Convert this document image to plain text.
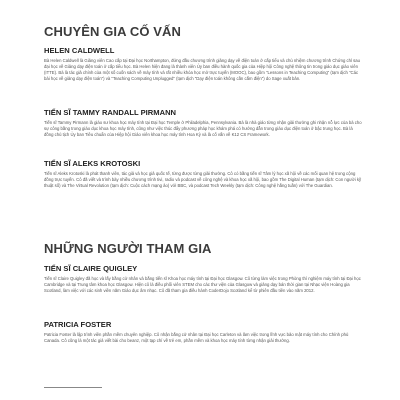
CHUYÊN GIA CỐ VẤN
HELEN CALDWELL

Bà Helen Caldwell là Giảng viên Cao cấp tại Đại học Northampton, đứng đầu chương trình giảng dạy về điện toán ở cấp tiểu và chủ nhiệm chương trình Chứng chỉ sau đại học về Giảng dạy điện toán ở cấp tiểu học. Bà Helen hiện đang là thành viên Ủy ban điều hành quốc gia của Hiệp hội Công nghệ thông tin trong giáo dục giáo viên (ITTE). Bà là tác giả chính của một số cuốn sách về máy tính và rất nhiều khóa học mở trực tuyến (MOOC), bao gồm "Lessons in Teaching Computing" (tạm dịch "Các bài học về giảng dạy điện toán") và "Teaching Computing Unplugged" (tạm dịch "Dạy điện toán không cần cắm điện") do Sage xuất bản.

TIẾN SĨ TAMMY RANDALL PIRMANN

Tiến sĩ Tammy Pirmann là giáo sư khoa học máy tính tại Đại học Temple ở Philadelphia, Pennsylvania. Bà là nhà giáo từng nhận giải thưởng ghi nhận nỗ lực của bà cho sự công bằng trong giáo dục khoa học máy tính, cũng như việc thúc đẩy phương pháp học khám phá có hướng dẫn trong giáo dục điện toán ở bậc trung học. Bà là đồng chủ tịch Ủy ban Tiêu chuẩn của Hiệp hội Giáo viên khoa học máy tính Hoa Kỳ và là cố vấn về K12 CS Framework.

TIẾN SĨ ALEKS KROTOSKI

Tiến sĩ Aleks Krotoski là phát thanh viên, tác giả và học giả quốc tế, từng được từng giải thưởng. Cô có bằng tiến sĩ Tâm lý học xã hội về các mối quan hệ trong cộng đồng trực tuyến. Cô đã viết và trình bày nhiều chương trình tivi, radio và podcast về công nghệ và khoa học xã hội, bao gồm The Digital Human (tạm dịch: Con người kỹ thuật số) và The Virtual Revolution (tạm dịch: Cuộc cách mạng ảo) với BBC, và podcast Tech Weekly (tạm dịch: Công nghệ hằng tuần) với The Guardian.

NHỮNG NGƯỜI THAM GIA
TIẾN SĨ CLAIRE QUIGLEY

Tiến sĩ Claire Quigley đã học và lấy bằng cử nhân và bằng tiến sĩ Khoa học máy tính tại Đại học Glasgow. Cô từng làm việc trong Phòng thí nghiệm máy tính tại Đại học Cambridge và tại Trung tâm khoa học Glasgow. Hiện cô là điều phối viên STEM cho các thư viện của Glasgow và giảng dạy bán thời gian tại Nhạc viện Hoàng gia Scotland, làm việc với các sinh viên năm Giáo dục âm nhạc. Cô đã tham gia điều hành CoderDojo Scotland kể từ phiên đầu tiên vào năm 2012.

PATRICIA FOSTER

Patricia Foster là lập trình viên phần mềm chuyên nghiệp. Cô nhận bằng cử nhân tại Đại học Carleton và làm việc trong lĩnh vực bảo mật máy tính cho Chính phủ Canada. Cô cũng là một tác giả viết bài cho beanz, một tạp chí về trẻ em, phần mềm và khoa học máy tính từng nhận giải thưởng.
